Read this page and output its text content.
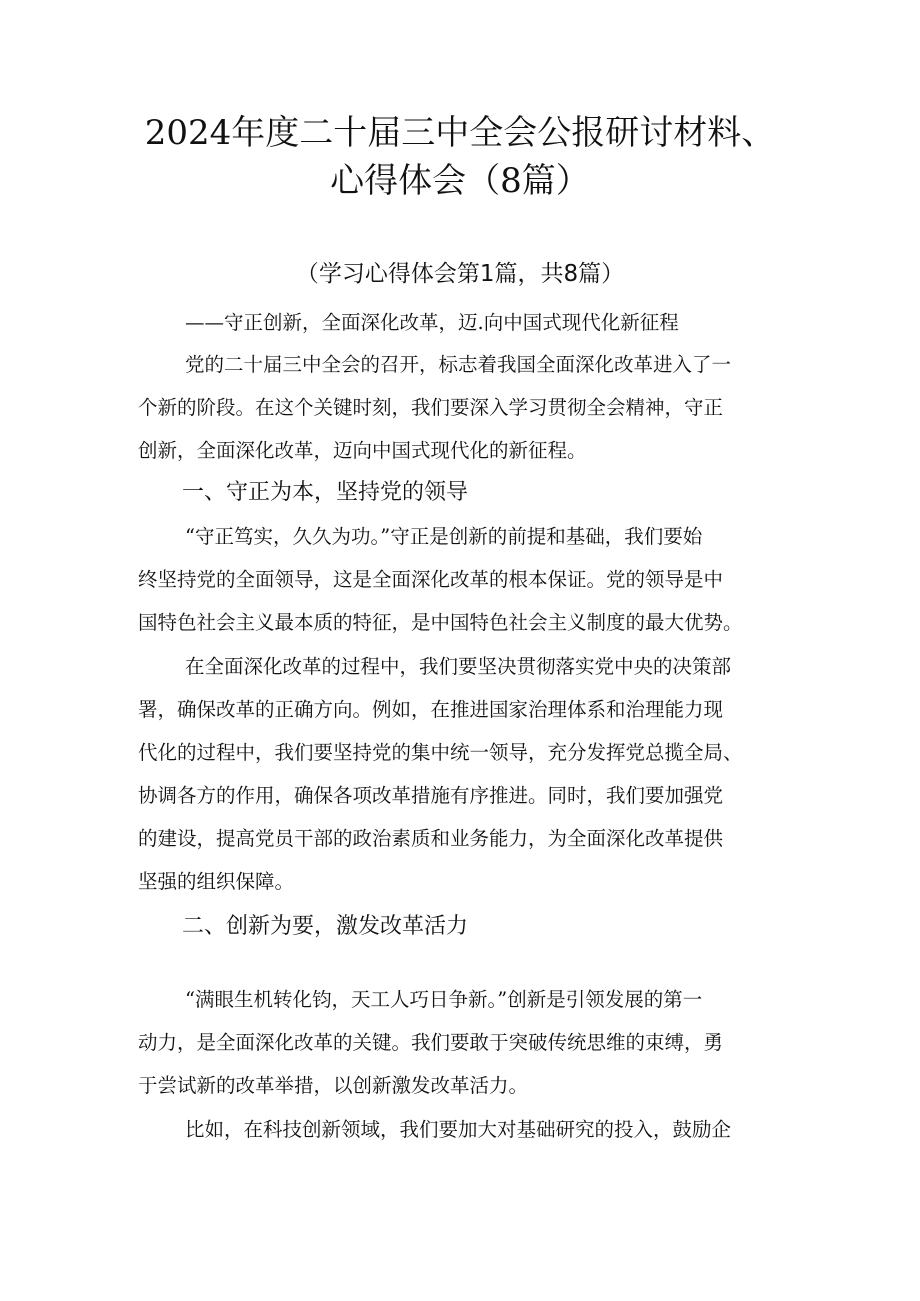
2024年度二十届三中全会公报研讨材料、
心得体会（8篇）

（学习心得体会第1篇，共8篇）

——守正创新，全面深化改革，迈.向中国式现代化新征程

党的二十届三中全会的召开，标志着我国全面深化改革进入了一

个新的阶段。在这个关键时刻，我们要深入学习贯彻全会精神，守正

创新，全面深化改革，迈向中国式现代化的新征程。

一、守正为本，坚持党的领导

“守正笃实，久久为功。”守正是创新的前提和基础，我们要始

终坚持党的全面领导，这是全面深化改革的根本保证。党的领导是中

国特色社会主义最本质的特征，是中国特色社会主义制度的最大优势。

在全面深化改革的过程中，我们要坚决贯彻落实党中央的决策部

署，确保改革的正确方向。例如，在推进国家治理体系和治理能力现

代化的过程中，我们要坚持党的集中统一领导，充分发挥党总揽全局、

协调各方的作用，确保各项改革措施有序推进。同时，我们要加强党

的建设，提高党员干部的政治素质和业务能力，为全面深化改革提供

坚强的组织保障。

二、创新为要，激发改革活力

“满眼生机转化钧，天工人巧日争新。”创新是引领发展的第一

动力，是全面深化改革的关键。我们要敢于突破传统思维的束缚，勇

于尝试新的改革举措，以创新激发改革活力。

比如，在科技创新领域，我们要加大对基础研究的投入，鼓励企
